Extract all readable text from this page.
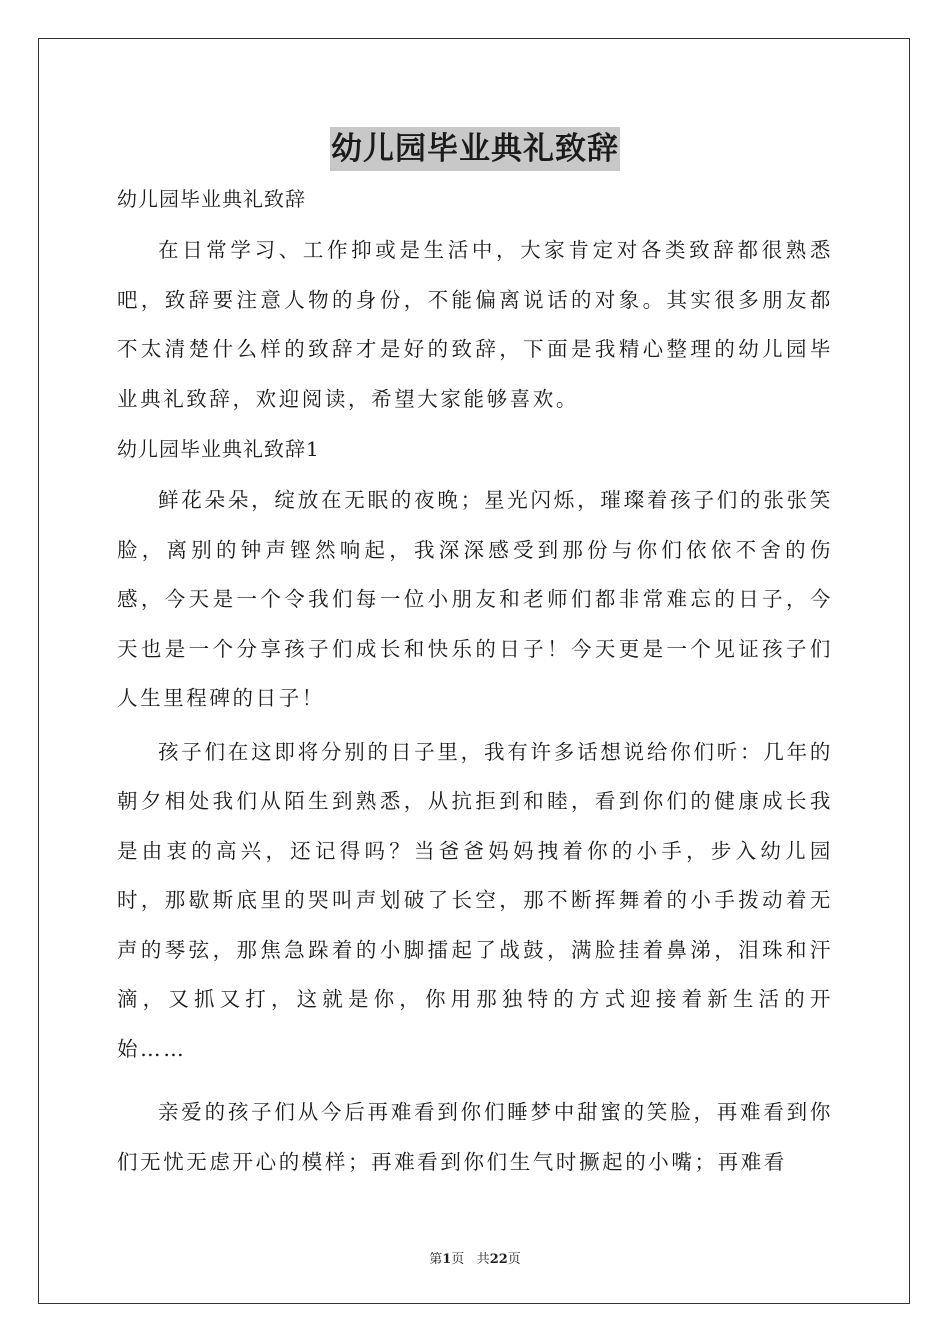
幼儿园毕业典礼致辞

幼儿园毕业典礼致辞

在日常学习、工作抑或是生活中，大家肯定对各类致辞都很熟悉吧，致辞要注意人物的身份，不能偏离说话的对象。其实很多朋友都不太清楚什么样的致辞才是好的致辞，下面是我精心整理的幼儿园毕业典礼致辞，欢迎阅读，希望大家能够喜欢。

幼儿园毕业典礼致辞1

鲜花朵朵，绽放在无眠的夜晚；星光闪烁，璀璨着孩子们的张张笑脸，离别的钟声铿然响起，我深深感受到那份与你们依依不舍的伤感，今天是一个令我们每一位小朋友和老师们都非常难忘的日子，今天也是一个分享孩子们成长和快乐的日子！今天更是一个见证孩子们人生里程碑的日子！

孩子们在这即将分别的日子里，我有许多话想说给你们听：几年的朝夕相处我们从陌生到熟悉，从抗拒到和睦，看到你们的健康成长我是由衷的高兴，还记得吗？当爸爸妈妈拽着你的小手，步入幼儿园时，那歇斯底里的哭叫声划破了长空，那不断挥舞着的小手拨动着无声的琴弦，那焦急跺着的小脚擂起了战鼓，满脸挂着鼻涕，泪珠和汗滴，又抓又打，这就是你，你用那独特的方式迎接着新生活的开始……

亲爱的孩子们从今后再难看到你们睡梦中甜蜜的笑脸，再难看到你们无忧无虑开心的模样；再难看到你们生气时撅起的小嘴；再难看

第1页 共22页
